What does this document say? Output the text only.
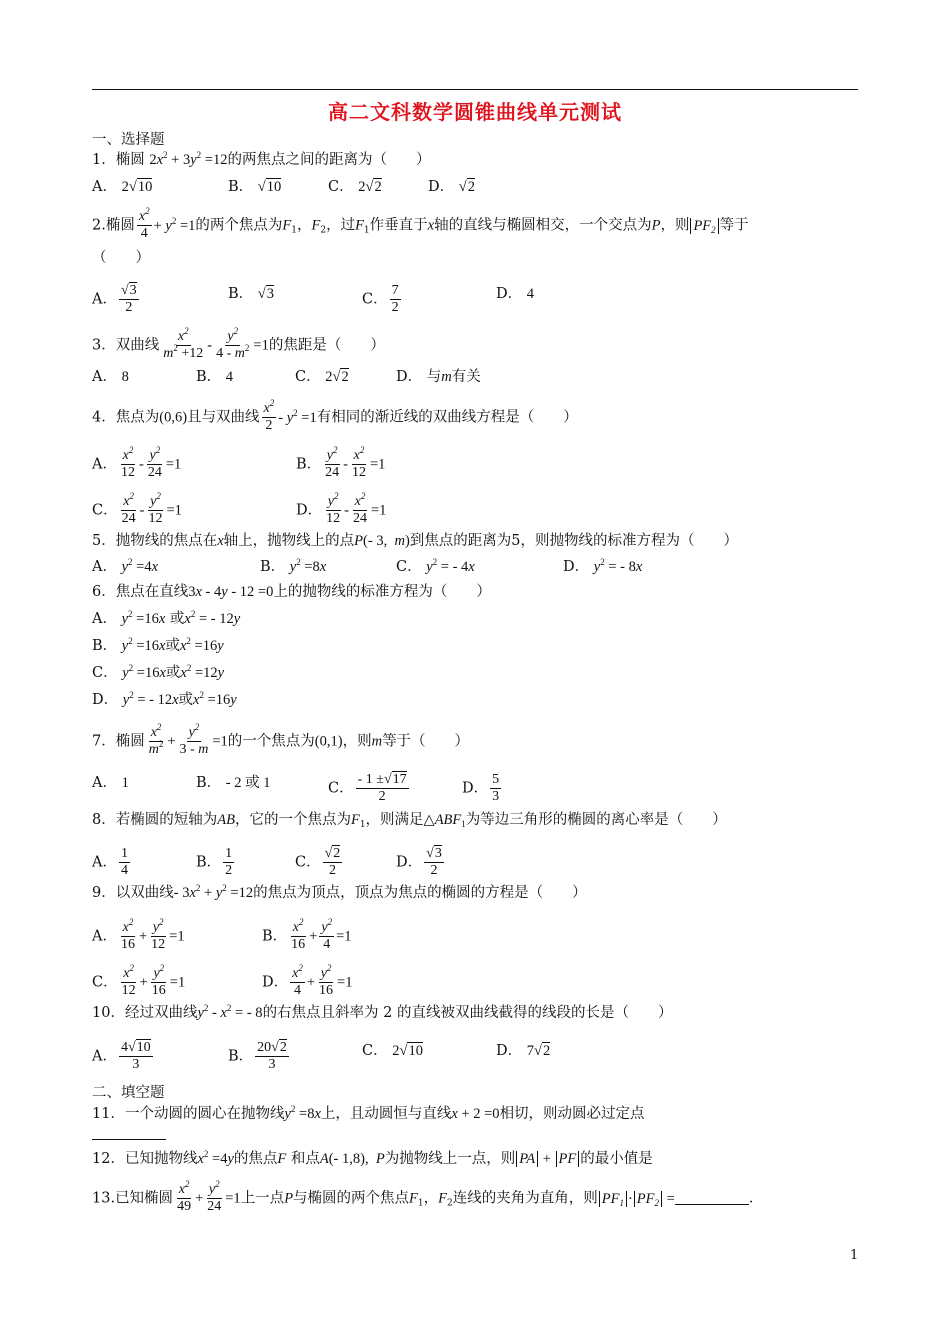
高二文科数学圆锥曲线单元测试
一、选择题
1．椭圆 $2x^2 + 3y^2 =12$的两焦点之间的距离为（　　）
A． 2√10	B． √10	C． 2√2	D． √2
2.椭圆 $\frac{x^2}{4} + y^2 =1$的两个焦点为$F_1$，$F_2$，过$F_1$作垂直于x轴的直线与椭圆相交，一个交点为P，则 $PF_2$ 等于
（　　）
A． $\frac{√3}{2}$	B． √3	C． $\frac{7}{2}$	D． 4
3．双曲线 $\frac{x^2}{m^2 +12} - \frac{y^2}{4 - m^2} =1$的焦距是（　　）
A． 8	B． 4	C． 2√2	D． 与m有关
4．焦点为(0,6)且与双曲线 $\frac{x^2}{2} - y^2 =1$有相同的渐近线的双曲线方程是（　　）
A． $\frac{x^2}{12} - \frac{y^2}{24} =1$	B． $\frac{y^2}{24} - \frac{x^2}{12} =1$
C． $\frac{x^2}{24} - \frac{y^2}{12} =1$	D． $\frac{y^2}{12} - \frac{x^2}{24} =1$
5．抛物线的焦点在x轴上，抛物线上的点P(- 3,  m)到焦点的距离为5，则抛物线的标准方程为（　　）
A． $y^2 =4x$	B． $y^2 =8x$	C． $y^2$ = - 4x	D． $y^2$ = - 8x
6．焦点在直线3x - 4y - 12 =0上的抛物线的标准方程为（　　）
A． $y^2 =16x$ 或$x^2$ = - 12y
B． $y^2 =16x$或$x^2 =16y$
C． $y^2 =16x$或$x^2 =12y$
D． $y^2$ = - 12x或$x^2 =16y$
7．椭圆 $\frac{x^2}{m^2} + \frac{y^2}{3 - m} =1$的一个焦点为(0,1)，则m等于（　　）
A． 1	B． - 2 或 1	C． $\frac{- 1 \pm√17}{2}$	D． $\frac{5}{3}$
8．若椭圆的短轴为AB，它的一个焦点为$F_1$，则满足$\triangle ABF_1$为等边三角形的椭圆的离心率是（　　）
A． $\frac{1}{4}$	B． $\frac{1}{2}$	C． $\frac{√2}{2}$	D． $\frac{√3}{2}$
9．以双曲线- $3x^2 + y^2 =12$的焦点为顶点，顶点为焦点的椭圆的方程是（　　）
A． $\frac{x^2}{16} + \frac{y^2}{12} =1$	B． $\frac{x^2}{16} + \frac{y^2}{4} =1$
C． $\frac{x^2}{12} + \frac{y^2}{16} =1$	D． $\frac{x^2}{4} + \frac{y^2}{16} =1$
10．经过双曲线$y^2 - x^2$ = - 8的右焦点且斜率为 2 的直线被双曲线截得的线段的长是（　　）
A． $\frac{4√10}{3}$	B． $\frac{20√2}{3}$	C． 2√10	D． 7√2
二、填空题
11．一个动圆的圆心在抛物线$y^2 =8x$上，且动圆恒与直线x + 2 =0相切，则动圆必过定点
12．已知抛物线$x^2 =4y$的焦点F 和点A(- 1,8),  P为抛物线上一点，则 PA + PF 的最小值是
13.已知椭圆 $\frac{x^2}{49} + \frac{y^2}{24} =1$上一点P与椭圆的两个焦点$F_1$，$F_2$连线的夹角为直角，则 $PF_1 \cdot PF_2$ =	．
1
